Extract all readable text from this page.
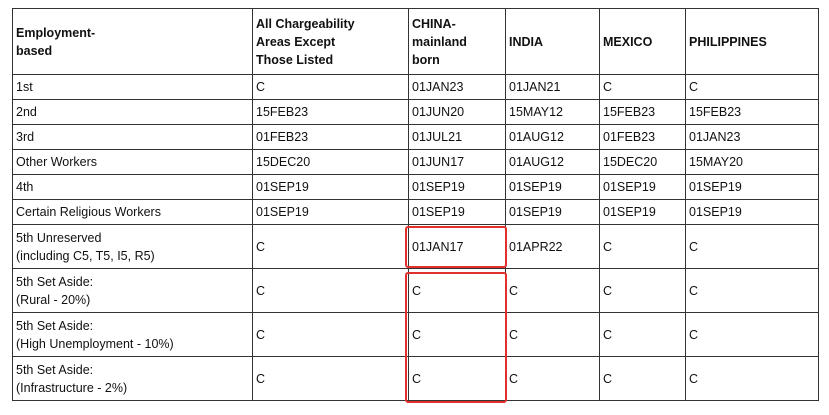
Employment-
based	All Chargeability
Areas Except
Those Listed	CHINA-
mainland
born	INDIA	MEXICO	PHILIPPINES
1st	C	01JAN23	01JAN21	C	C
2nd	15FEB23	01JUN20	15MAY12	15FEB23	15FEB23
3rd	01FEB23	01JUL21	01AUG12	01FEB23	01JAN23
Other Workers	15DEC20	01JUN17	01AUG12	15DEC20	15MAY20
4th	01SEP19	01SEP19	01SEP19	01SEP19	01SEP19
Certain Religious Workers	01SEP19	01SEP19	01SEP19	01SEP19	01SEP19
5th Unreserved
(including C5, T5, I5, R5)	C	01JAN17	01APR22	C	C
5th Set Aside:
(Rural - 20%)	C	C	C	C	C
5th Set Aside:
(High Unemployment - 10%)	C	C	C	C	C
5th Set Aside:
(Infrastructure - 2%)	C	C	C	C	C
